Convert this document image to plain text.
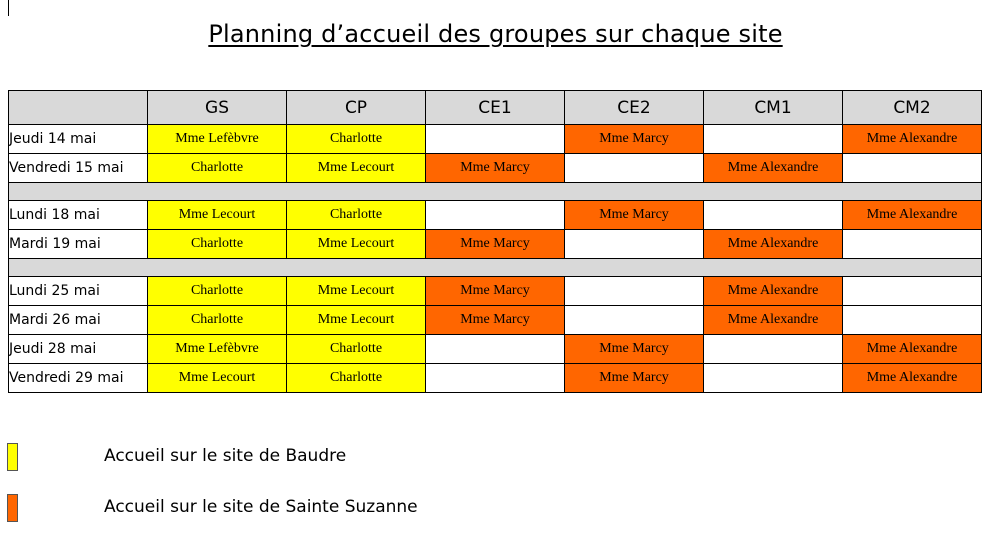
Planning d’accueil des groupes sur chaque site
	GS	CP	CE1	CE2	CM1	CM2
Jeudi 14 mai	Mme Lefèbvre	Charlotte		Mme Marcy		Mme Alexandre
Vendredi 15 mai	Charlotte	Mme Lecourt	Mme Marcy		Mme Alexandre	

Lundi 18 mai	Mme Lecourt	Charlotte		Mme Marcy		Mme Alexandre
Mardi 19 mai	Charlotte	Mme Lecourt	Mme Marcy		Mme Alexandre	

Lundi 25 mai	Charlotte	Mme Lecourt	Mme Marcy		Mme Alexandre	
Mardi 26 mai	Charlotte	Mme Lecourt	Mme Marcy		Mme Alexandre	
Jeudi 28 mai	Mme Lefèbvre	Charlotte		Mme Marcy		Mme Alexandre
Vendredi 29 mai	Mme Lecourt	Charlotte		Mme Marcy		Mme Alexandre
Accueil sur le site de Baudre
Accueil sur le site de Sainte Suzanne
